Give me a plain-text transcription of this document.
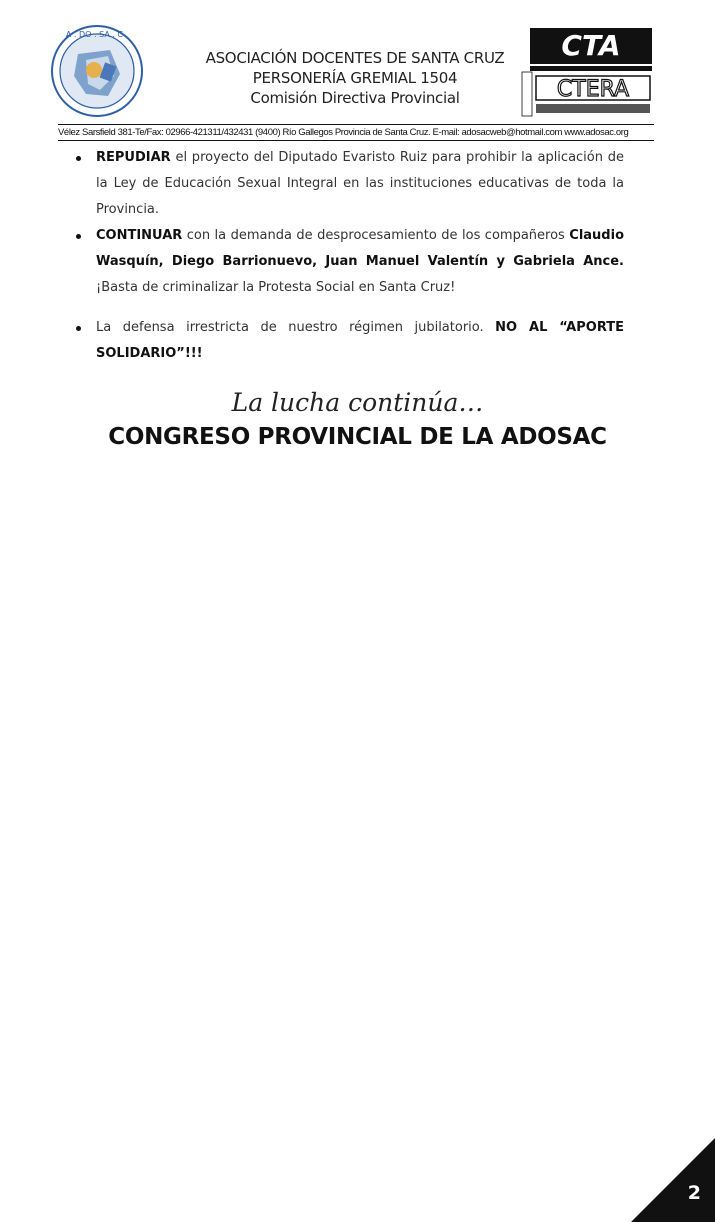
A . DO . SA . C .
ASOCIACIÓN DOCENTES DE SANTA CRUZ
PERSONERÍA GREMIAL 1504
Comisión Directiva Provincial
CTA
CTERA
Vélez Sarsfield 381-Te/Fax: 02966-421311/432431 (9400) Río Gallegos Provincia de Santa Cruz. E-mail: adosacweb@hotmail.com www.adosac.org
REPUDIAR el proyecto del Diputado Evaristo Ruiz para prohibir la aplicación de la Ley de Educación Sexual Integral en las instituciones educativas de toda la Provincia.
CONTINUAR con la demanda de desprocesamiento de los compañeros Claudio Wasquín, Diego Barrionuevo, Juan Manuel Valentín y Gabriela Ance. ¡Basta de criminalizar la Protesta Social en Santa Cruz!
La defensa irrestricta de nuestro régimen jubilatorio. NO AL “APORTE SOLIDARIO”!!!
La lucha continúa…
CONGRESO PROVINCIAL DE LA ADOSAC
2
